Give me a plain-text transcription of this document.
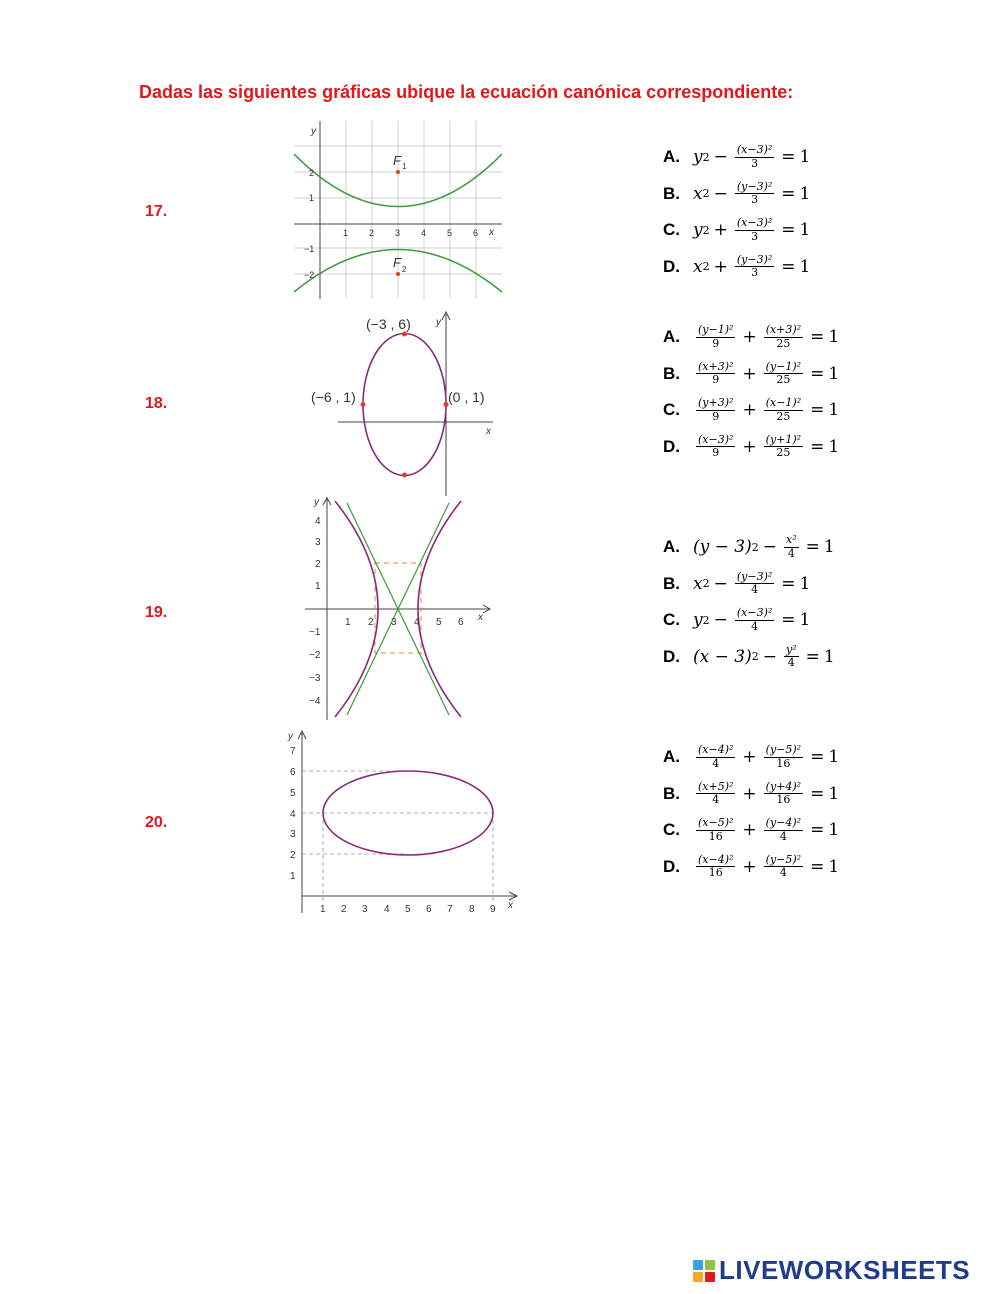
Dadas las siguientes gráficas ubique la ecuación canónica correspondiente:
17.
18.
19.
20.
A. y $2 - \frac{\text{(x−3)²}}{3} = 1$
B. x $2 - \frac{\text{(y−3)²}}{3} = 1$
C. y $2 + \frac{\text{(x−3)²}}{3} = 1$
D. x $2 + \frac{\text{(y−3)²}}{3} = 1$
A.	$\frac{\text{(y−1)²}}{9} + \frac{\text{(x+3)²}}{25} = 1$
B.	$\frac{\text{(x+3)²}}{9} + \frac{\text{(y−1)²}}{25} = 1$
C.	$\frac{\text{(y+3)²}}{9} + \frac{\text{(x−1)²}}{25} = 1$
D.	$\frac{\text{(x−3)²}}{9} + \frac{\text{(y+1)²}}{25} = 1$
A. (y − 3) $2 - \frac{\text{x²}}{4} = 1$
B. x $2 - \frac{\text{(y−3)²}}{4} = 1$
C. y $2 - \frac{\text{(x−3)²}}{4} = 1$
D. (x − 3) $2 - \frac{\text{y²}}{4} = 1$
A.	$\frac{\text{(x−4)²}}{4} + \frac{\text{(y−5)²}}{16} = 1$
B.	$\frac{\text{(x+5)²}}{4} + \frac{\text{(y+4)²}}{16} = 1$
C.	$\frac{\text{(x−5)²}}{16} + \frac{\text{(y−4)²}}{4} = 1$
D.	$\frac{\text{(x−4)²}}{16} + \frac{\text{(y−5)²}}{4} = 1$
F 1
F 2
y
x
1 2 3 4 5 6
2
1
−1
−2
(−3 , 6)
(−6 , 1)	(0 , 1)
y
x
y
x
1 2 3 4 5 6
4
3
2
1
−1
−2
−3
−4
y
x
1 2 3 4 5 6 7 8 9
7
6
5
4
3
2
1
LIVEWORKSHEETS
